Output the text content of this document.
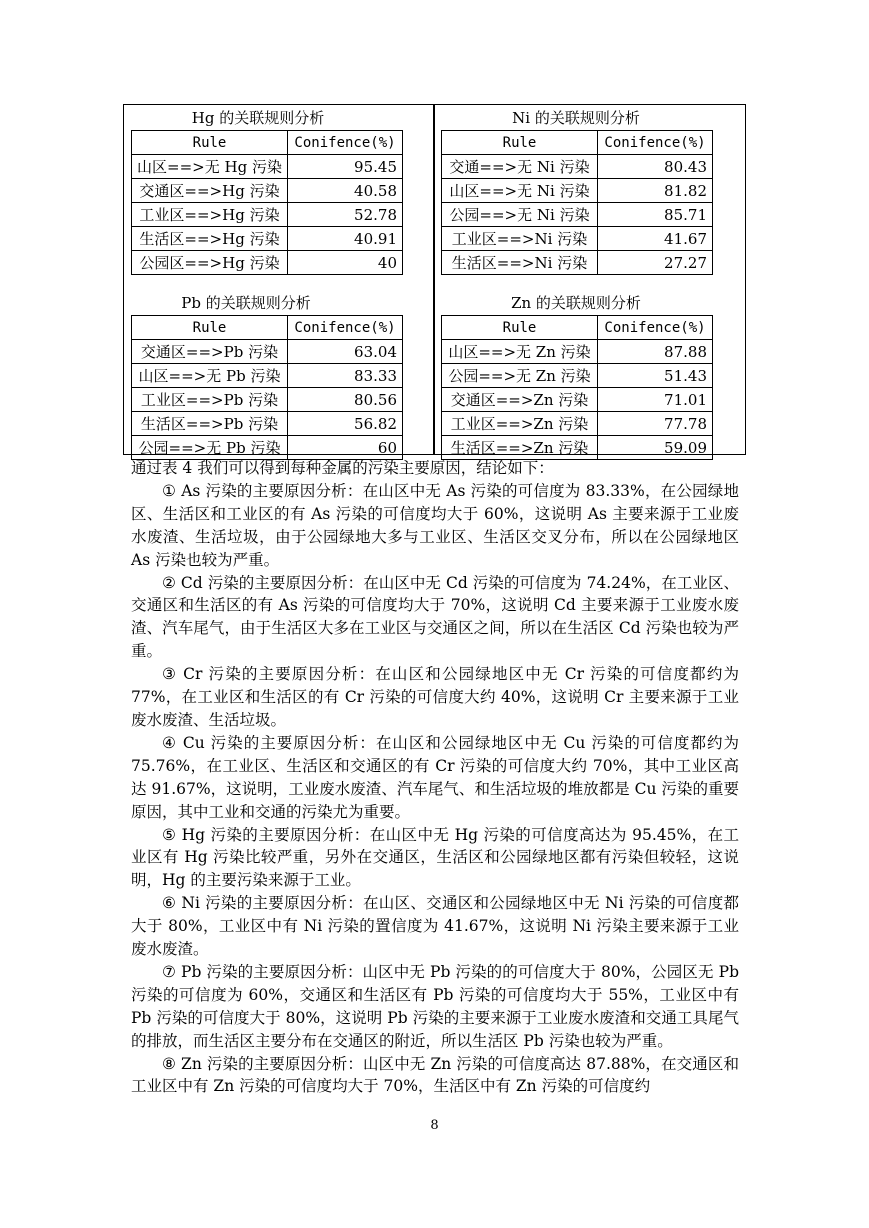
Hg 的关联规则分析
Rule	Conifence(%)
山区==>无 Hg 污染	95.45
交通区==>Hg 污染	40.58
工业区==>Hg 污染	52.78
生活区==>Hg 污染	40.91
公园区==>Hg 污染	40
Ni 的关联规则分析
Rule	Conifence(%)
交通==>无 Ni 污染	80.43
山区==>无 Ni 污染	81.82
公园==>无 Ni 污染	85.71
工业区==>Ni 污染	41.67
生活区==>Ni 污染	27.27
Pb 的关联规则分析
Rule	Conifence(%)
交通区==>Pb 污染	63.04
山区==>无 Pb 污染	83.33
工业区==>Pb 污染	80.56
生活区==>Pb 污染	56.82
公园==>无 Pb 污染	60
Zn 的关联规则分析
Rule	Conifence(%)
山区==>无 Zn 污染	87.88
公园==>无 Zn 污染	51.43
交通区==>Zn 污染	71.01
工业区==>Zn 污染	77.78
生活区==>Zn 污染	59.09

通过表 4 我们可以得到每种金属的污染主要原因，结论如下：

① As 污染的主要原因分析：在山区中无 As 污染的可信度为 83.33%，在公园绿地区、生活区和工业区的有 As 污染的可信度均大于 60%，这说明 As 主要来源于工业废水废渣、生活垃圾，由于公园绿地大多与工业区、生活区交叉分布，所以在公园绿地区 As 污染也较为严重。

② Cd 污染的主要原因分析：在山区中无 Cd 污染的可信度为 74.24%，在工业区、交通区和生活区的有 As 污染的可信度均大于 70%，这说明 Cd 主要来源于工业废水废渣、汽车尾气，由于生活区大多在工业区与交通区之间，所以在生活区 Cd 污染也较为严重。

③ Cr 污染的主要原因分析：在山区和公园绿地区中无 Cr 污染的可信度都约为 77%，在工业区和生活区的有 Cr 污染的可信度大约 40%，这说明 Cr 主要来源于工业废水废渣、生活垃圾。

④ Cu 污染的主要原因分析：在山区和公园绿地区中无 Cu 污染的可信度都约为 75.76%，在工业区、生活区和交通区的有 Cr 污染的可信度大约 70%，其中工业区高达 91.67%，这说明，工业废水废渣、汽车尾气、和生活垃圾的堆放都是 Cu 污染的重要原因，其中工业和交通的污染尤为重要。

⑤ Hg 污染的主要原因分析：在山区中无 Hg 污染的可信度高达为 95.45%，在工业区有 Hg 污染比较严重，另外在交通区，生活区和公园绿地区都有污染但较轻，这说明，Hg 的主要污染来源于工业。

⑥ Ni 污染的主要原因分析：在山区、交通区和公园绿地区中无 Ni 污染的可信度都大于 80%，工业区中有 Ni 污染的置信度为 41.67%，这说明 Ni 污染主要来源于工业废水废渣。

⑦ Pb 污染的主要原因分析：山区中无 Pb 污染的的可信度大于 80%，公园区无 Pb 污染的可信度为 60%，交通区和生活区有 Pb 污染的可信度均大于 55%，工业区中有 Pb 污染的可信度大于 80%，这说明 Pb 污染的主要来源于工业废水废渣和交通工具尾气的排放，而生活区主要分布在交通区的附近，所以生活区 Pb 污染也较为严重。

⑧ Zn 污染的主要原因分析：山区中无 Zn 污染的可信度高达 87.88%，在交通区和工业区中有 Zn 污染的可信度均大于 70%，生活区中有 Zn 污染的可信度约

8
